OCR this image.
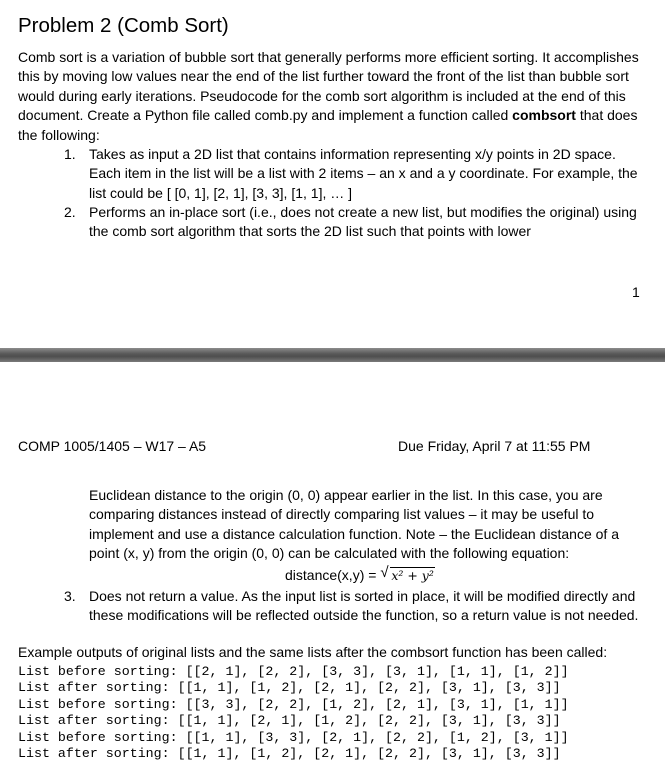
Problem 2 (Comb Sort)
Comb sort is a variation of bubble sort that generally performs more efficient sorting. It accomplishes this by moving low values near the end of the list further toward the front of the list than bubble sort would during early iterations. Pseudocode for the comb sort algorithm is included at the end of this document. Create a Python file called comb.py and implement a function called combsort that does the following:
1. Takes as input a 2D list that contains information representing x/y points in 2D space. Each item in the list will be a list with 2 items – an x and a y coordinate. For example, the list could be [ [0, 1], [2, 1], [3, 3], [1, 1], … ]
2. Performs an in-place sort (i.e., does not create a new list, but modifies the original) using the comb sort algorithm that sorts the 2D list such that points with lower
1
COMP 1005/1405 – W17 – A5	Due Friday, April 7 at 11:55 PM
Euclidean distance to the origin (0, 0) appear earlier in the list. In this case, you are comparing distances instead of directly comparing list values – it may be useful to implement and use a distance calculation function. Note – the Euclidean distance of a point (x, y) from the origin (0, 0) can be calculated with the following equation:
distance(x,y) = √ x² + y²
3. Does not return a value. As the input list is sorted in place, it will be modified directly and these modifications will be reflected outside the function, so a return value is not needed.
Example outputs of original lists and the same lists after the combsort function has been called:
List before sorting: [[2, 1], [2, 2], [3, 3], [3, 1], [1, 1], [1, 2]]
List after sorting: [[1, 1], [1, 2], [2, 1], [2, 2], [3, 1], [3, 3]]
List before sorting: [[3, 3], [2, 2], [1, 2], [2, 1], [3, 1], [1, 1]]
List after sorting: [[1, 1], [2, 1], [1, 2], [2, 2], [3, 1], [3, 3]]
List before sorting: [[1, 1], [3, 3], [2, 1], [2, 2], [1, 2], [3, 1]]
List after sorting: [[1, 1], [1, 2], [2, 1], [2, 2], [3, 1], [3, 3]]
